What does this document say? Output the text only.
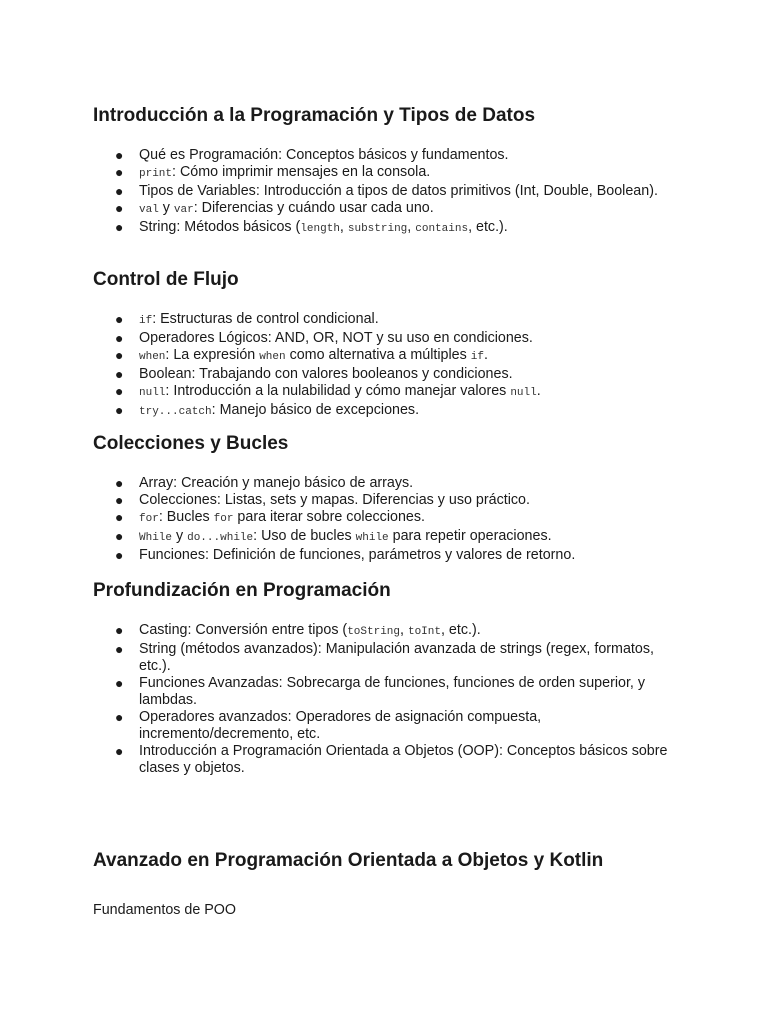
Introducción a la Programación y Tipos de Datos
● Qué es Programación: Conceptos básicos y fundamentos.
● print: Cómo imprimir mensajes en la consola.
● Tipos de Variables: Introducción a tipos de datos primitivos (Int, Double, Boolean).
● val y var: Diferencias y cuándo usar cada uno.
● String: Métodos básicos (length, substring, contains, etc.).
Control de Flujo
● if: Estructuras de control condicional.
● Operadores Lógicos: AND, OR, NOT y su uso en condiciones.
● when: La expresión when como alternativa a múltiples if.
● Boolean: Trabajando con valores booleanos y condiciones.
● null: Introducción a la nulabilidad y cómo manejar valores null.
● try...catch: Manejo básico de excepciones.
Colecciones y Bucles
● Array: Creación y manejo básico de arrays.
● Colecciones: Listas, sets y mapas. Diferencias y uso práctico.
● for: Bucles for para iterar sobre colecciones.
● While y do...while: Uso de bucles while para repetir operaciones.
● Funciones: Definición de funciones, parámetros y valores de retorno.
Profundización en Programación
● Casting: Conversión entre tipos (toString, toInt, etc.).
● String (métodos avanzados): Manipulación avanzada de strings (regex, formatos, etc.).
● Funciones Avanzadas: Sobrecarga de funciones, funciones de orden superior, y lambdas.
● Operadores avanzados: Operadores de asignación compuesta, incremento/decremento, etc.
● Introducción a Programación Orientada a Objetos (OOP): Conceptos básicos sobre clases y objetos.
Avanzado en Programación Orientada a Objetos y Kotlin
Fundamentos de POO
